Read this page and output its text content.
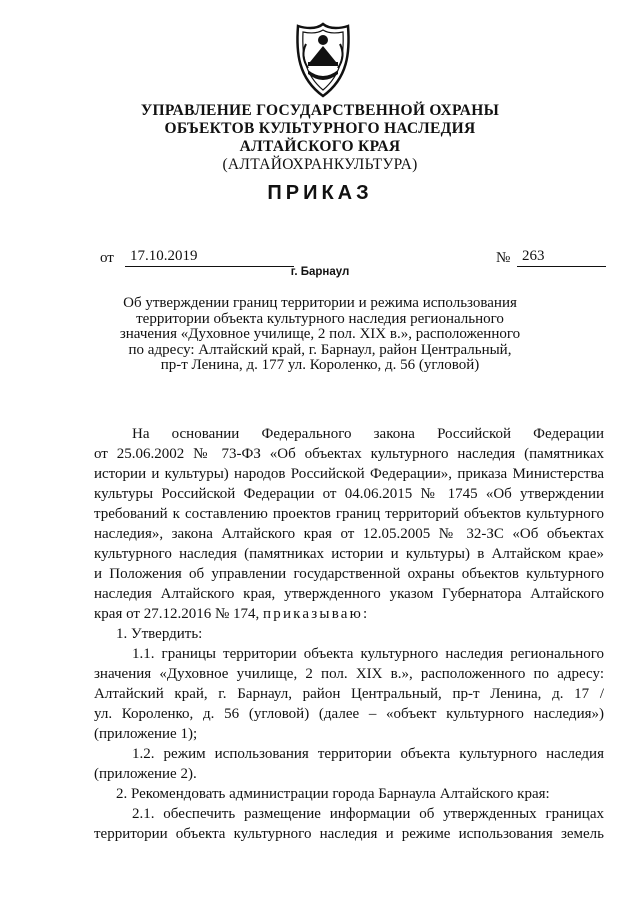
УПРАВЛЕНИЕ ГОСУДАРСТВЕННОЙ ОХРАНЫ
ОБЪЕКТОВ КУЛЬТУРНОГО НАСЛЕДИЯ
АЛТАЙСКОГО КРАЯ
(АЛТАЙОХРАНКУЛЬТУРА)
ПРИКАЗ
от	17.10.2019	№ 263
г. Барнаул
Об утверждении границ территории и режима использования
территории объекта культурного наследия регионального
значения «Духовное училище, 2 пол. XIX в.», расположенного
по адресу: Алтайский край, г. Барнаул, район Центральный,
пр-т Ленина, д. 177 ул. Короленко, д. 56 (угловой)
На основании Федерального закона Российской Федерации
от 25.06.2002 № 73-ФЗ «Об объектах культурного наследия (памятниках
истории и культуры) народов Российской Федерации», приказа Министерства
культуры Российской Федерации от 04.06.2015 № 1745 «Об утверждении
требований к составлению проектов границ территорий объектов культурного
наследия», закона Алтайского края от 12.05.2005 № 32-ЗС «Об объектах
культурного наследия (памятниках истории и культуры) в Алтайском крае»
и Положения об управлении государственной охраны объектов культурного
наследия Алтайского края, утвержденного указом Губернатора Алтайского
края от 27.12.2016 № 174, приказываю:
1. Утвердить:
1.1. границы территории объекта культурного наследия регионального
значения «Духовное училище, 2 пол. XIX в.», расположенного по адресу:
Алтайский край, г. Барнаул, район Центральный, пр-т Ленина, д. 17 /
ул. Короленко, д. 56 (угловой) (далее – «объект культурного наследия»)
(приложение 1);
1.2. режим использования территории объекта культурного наследия
(приложение 2).
2. Рекомендовать администрации города Барнаула Алтайского края:
2.1. обеспечить размещение информации об утвержденных границах
территории объекта культурного наследия и режиме использования земель
